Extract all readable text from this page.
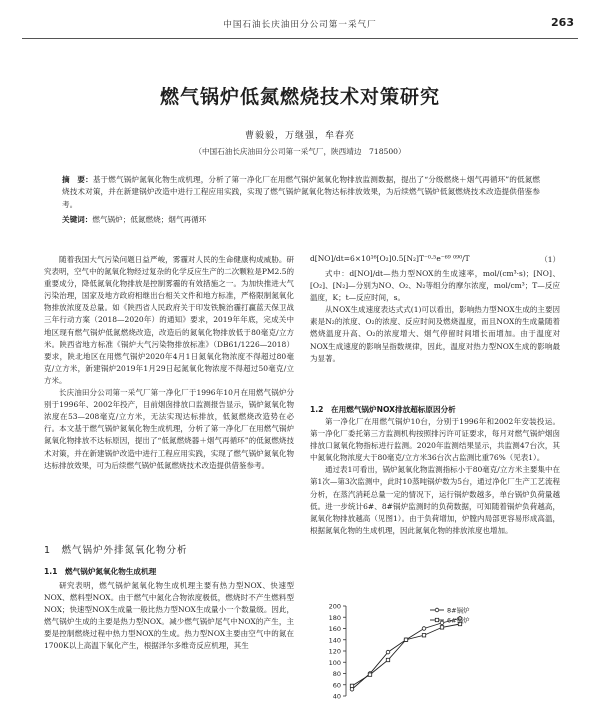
中国石油长庆油田分公司第一采气厂	263
燃气锅炉低氮燃烧技术对策研究
曹毅毅，万继强，牟春亮
（中国石油长庆油田分公司第一采气厂，陕西靖边　718500）
摘　要：基于燃气锅炉氮氧化物生成机理，分析了第一净化厂在用燃气锅炉氮氧化物排放监测数据，提出了“分级燃烧＋烟气再循环”的低氮燃烧技术对策，并在新建锅炉改造中进行工程应用实践，实现了燃气锅炉氮氧化物达标排放效果，为后续燃气锅炉低氮燃烧技术改造提供借鉴参考。
关键词：燃气锅炉；低氮燃烧；烟气再循环

随着我国大气污染问题日益严峻，雾霾对人民的生命健康构成威胁。研究表明，空气中的氮氧化物经过复杂的化学反应生产的二次颗粒是PM2.5的重要成分，降低氮氧化物排放是控制雾霾的有效措施之一。为加快推进大气污染治理，国家及地方政府相继出台相关文件和地方标准，严格限制氮氧化物排放浓度及总量。如《陕西省人民政府关于印发铁腕治霾打赢蓝天保卫战三年行动方案（2018—2020年）的通知》要求，2019年年底，完成关中地区现有燃气锅炉低氮燃烧改造，改造后的氮氧化物排放低于80毫克/立方米。陕西省地方标准《锅炉大气污染物排放标准》（DB61/1226—2018）要求，陕北地区在用燃气锅炉2020年4月1日氮氧化物浓度不得超过80毫克/立方米，新建锅炉2019年1月29日起氮氧化物浓度不得超过50毫克/立方米。

长庆油田分公司第一采气厂第一净化厂于1996年10月在用燃气锅炉分别于1996年、2002年投产，目前烟囱排放口监测报告显示，锅炉氮氧化物浓度在53—208毫克/立方米，无法实现达标排放，低氮燃烧改造势在必行。本文基于燃气锅炉氮氧化物生成机理，分析了第一净化厂在用燃气锅炉氮氧化物排放不达标原因，提出了“低氮燃烧器＋烟气再循环”的低氮燃烧技术对策，并在新建锅炉改造中进行工程应用实践，实现了燃气锅炉氮氧化物达标排放效果，可为后续燃气锅炉低氮燃烧技术改造提供借鉴参考。

1　燃气锅炉外排氮氧化物分析
1.1　燃气锅炉氮氧化物生成机理

研究表明，燃气锅炉氮氧化物生成机理主要有热力型NOX、快速型NOX、燃料型NOX。由于燃气中氮化合物浓度极低，燃烧时不产生燃料型NOX；快速型NOX生成量一般比热力型NOX生成量小一个数量级。因此，燃气锅炉生成的主要是热力型NOX。减少燃气锅炉尾气中NOX的产生，主要是控制燃烧过程中热力型NOX的生成。热力型NOX主要由空气中的氮在1700K以上高温下氧化产生，根据泽尔多维奇反应机理，其生

d[NO]/dt=6×10¹⁶[O₂]0.5[N₂]T⁻⁰·⁵e⁻⁶⁹ ⁰⁹⁰/T	（1）

式中：d[NO]/dt—热力型NOX的生成速率，mol/(cm³·s)；[NO]、[O₂]、[N₂]—分别为NO、O₂、N₂等组分的摩尔浓度，mol/cm³；T—反应温度，K；t—反应时间，s。

从NOX生成速度表达式式(1)可以看出，影响热力型NOX生成的主要因素是N₂的浓度、O₂的浓度、反应时间及燃烧温度，而且NOX的生成量随着燃烧温度升高、O₂的浓度增大、烟气停留时间增长而增加。由于温度对NOX生成速度的影响呈指数规律，因此，温度对热力型NOX生成的影响最为显著。

1.2　在用燃气锅炉NOX排放超标原因分析

第一净化厂在用燃气锅炉10台，分别于1996年和2002年安装投运。第一净化厂委托第三方监测机构按照排污许可证要求，每月对燃气锅炉烟囱排放口氮氧化物指标进行监测。2020年监测结果显示，共监测47台次，其中氮氧化物浓度大于80毫克/立方米36台次占监测比重76%（见表1）。

通过表1可看出，锅炉氮氧化物监测指标小于80毫克/立方米主要集中在第1次—第3次监测中，此时10蒸吨锅炉数为5台，通过净化厂生产工艺流程分析，在蒸汽消耗总量一定的情况下，运行锅炉数越多，单台锅炉负荷量越低。进一步统计6#、8#锅炉监测时的负荷数据，可知随着锅炉负荷越高，氮氧化物排放越高（见图1）。由于负荷增加，炉膛内局部更容易形成高温，根据氮氧化物的生成机理，因此氮氧化物的排放浓度也增加。

40
60
80
100
120
140
160
180
200	8#锅炉
6#锅炉
